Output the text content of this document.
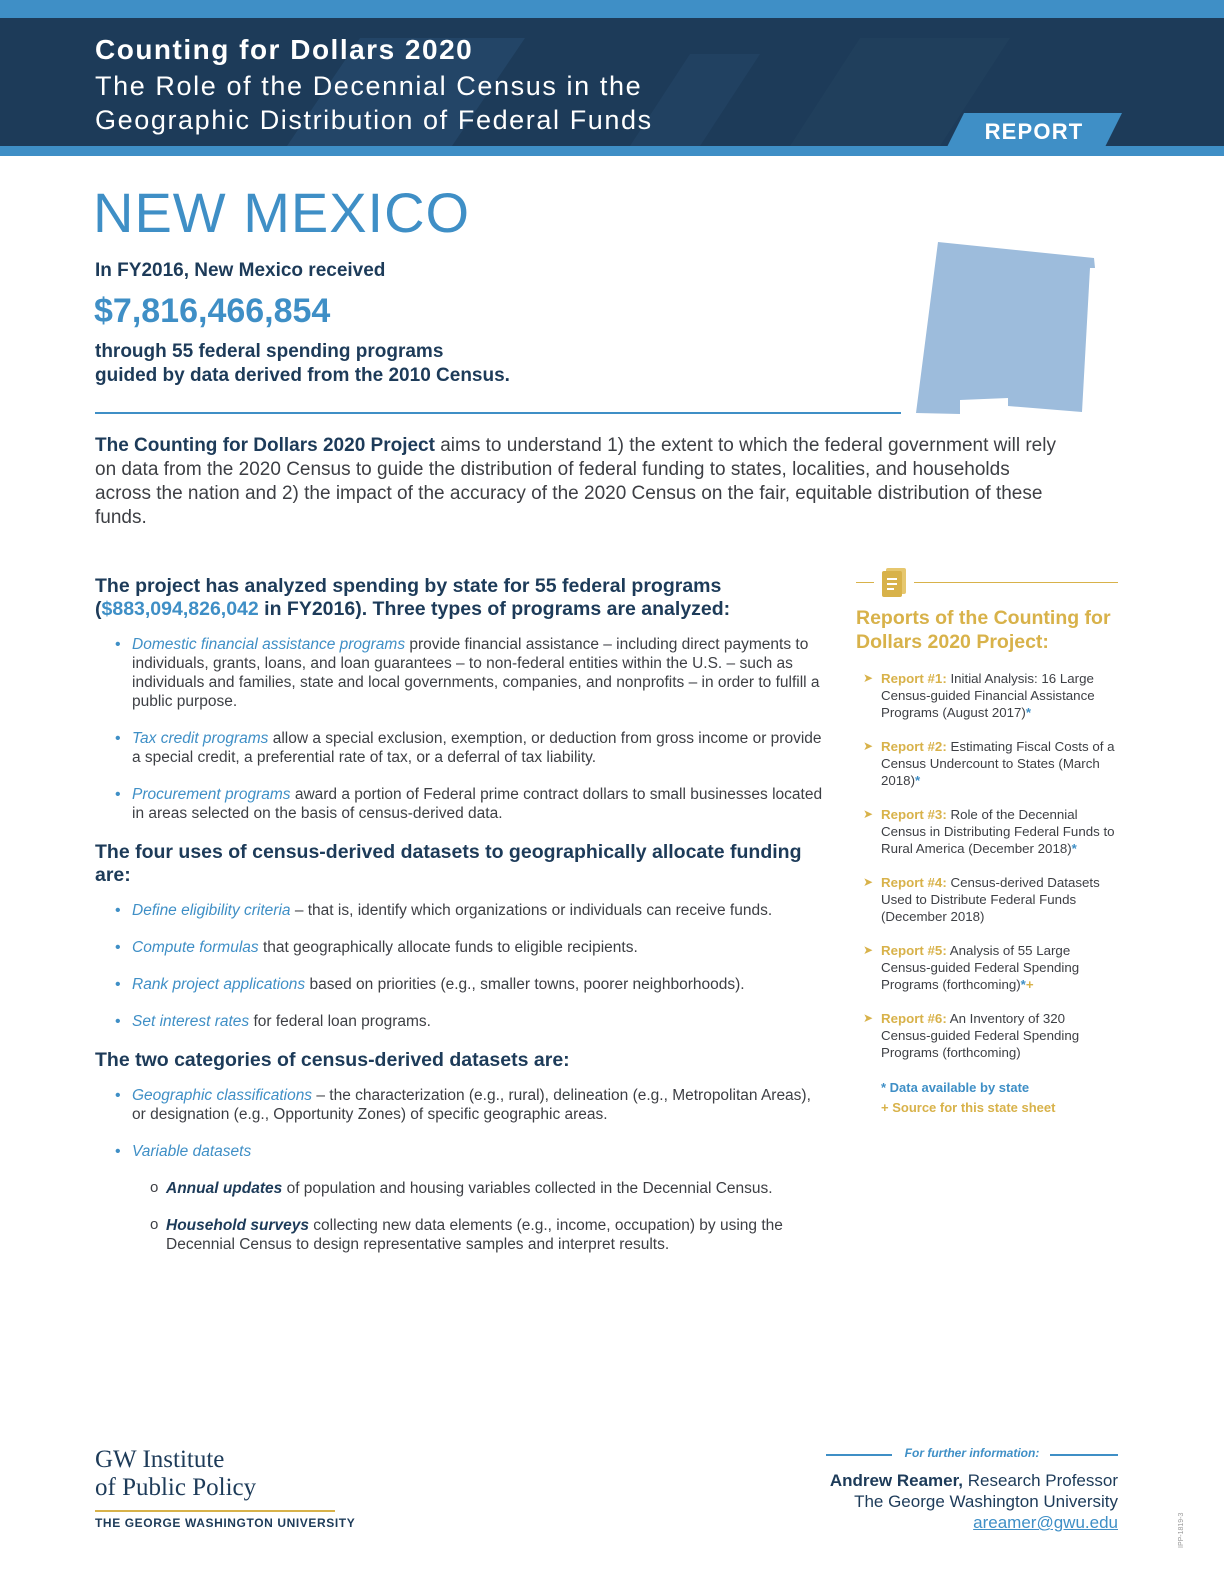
Counting for Dollars 2020
The Role of the Decennial Census in the
Geographic Distribution of Federal Funds	REPORT
NEW MEXICO
In FY2016, New Mexico received
$7,816,466,854
through 55 federal spending programs
guided by data derived from the 2010 Census.
The Counting for Dollars 2020 Project aims to understand 1) the extent to which the federal government will rely on data from the 2020 Census to guide the distribution of federal funding to states, localities, and households across the nation and 2) the impact of the accuracy of the 2020 Census on the fair, equitable distribution of these funds.
The project has analyzed spending by state for 55 federal programs ($883,094,826,042 in FY2016). Three types of programs are analyzed:
• Domestic financial assistance programs provide financial assistance – including direct payments to individuals, grants, loans, and loan guarantees – to non-federal entities within the U.S. – such as individuals and families, state and local governments, companies, and nonprofits – in order to fulfill a public purpose.
• Tax credit programs allow a special exclusion, exemption, or deduction from gross income or provide a special credit, a preferential rate of tax, or a deferral of tax liability.
• Procurement programs award a portion of Federal prime contract dollars to small businesses located in areas selected on the basis of census-derived data.
The four uses of census-derived datasets to geographically allocate funding are:
• Define eligibility criteria – that is, identify which organizations or individuals can receive funds.
• Compute formulas that geographically allocate funds to eligible recipients.
• Rank project applications based on priorities (e.g., smaller towns, poorer neighborhoods).
• Set interest rates for federal loan programs.
The two categories of census-derived datasets are:
• Geographic classifications – the characterization (e.g., rural), delineation (e.g., Metropolitan Areas), or designation (e.g., Opportunity Zones) of specific geographic areas.
• Variable datasets
o Annual updates of population and housing variables collected in the Decennial Census.
o Household surveys collecting new data elements (e.g., income, occupation) by using the Decennial Census to design representative samples and interpret results.
Reports of the Counting for Dollars 2020 Project:
➤ Report #1: Initial Analysis: 16 Large Census-guided Financial Assistance Programs (August 2017)*
➤ Report #2: Estimating Fiscal Costs of a Census Undercount to States (March 2018)*
➤ Report #3: Role of the Decennial Census in Distributing Federal Funds to Rural America (December 2018)*
➤ Report #4: Census-derived Datasets Used to Distribute Federal Funds (December 2018)
➤ Report #5: Analysis of 55 Large Census-guided Federal Spending Programs (forthcoming)*+
➤ Report #6: An Inventory of 320 Census-guided Federal Spending Programs (forthcoming)
* Data available by state
+ Source for this state sheet
GW Institute
of Public Policy
THE GEORGE WASHINGTON UNIVERSITY
For further information:
Andrew Reamer, Research Professor
The George Washington University
areamer@gwu.edu	IPP-1819-3
